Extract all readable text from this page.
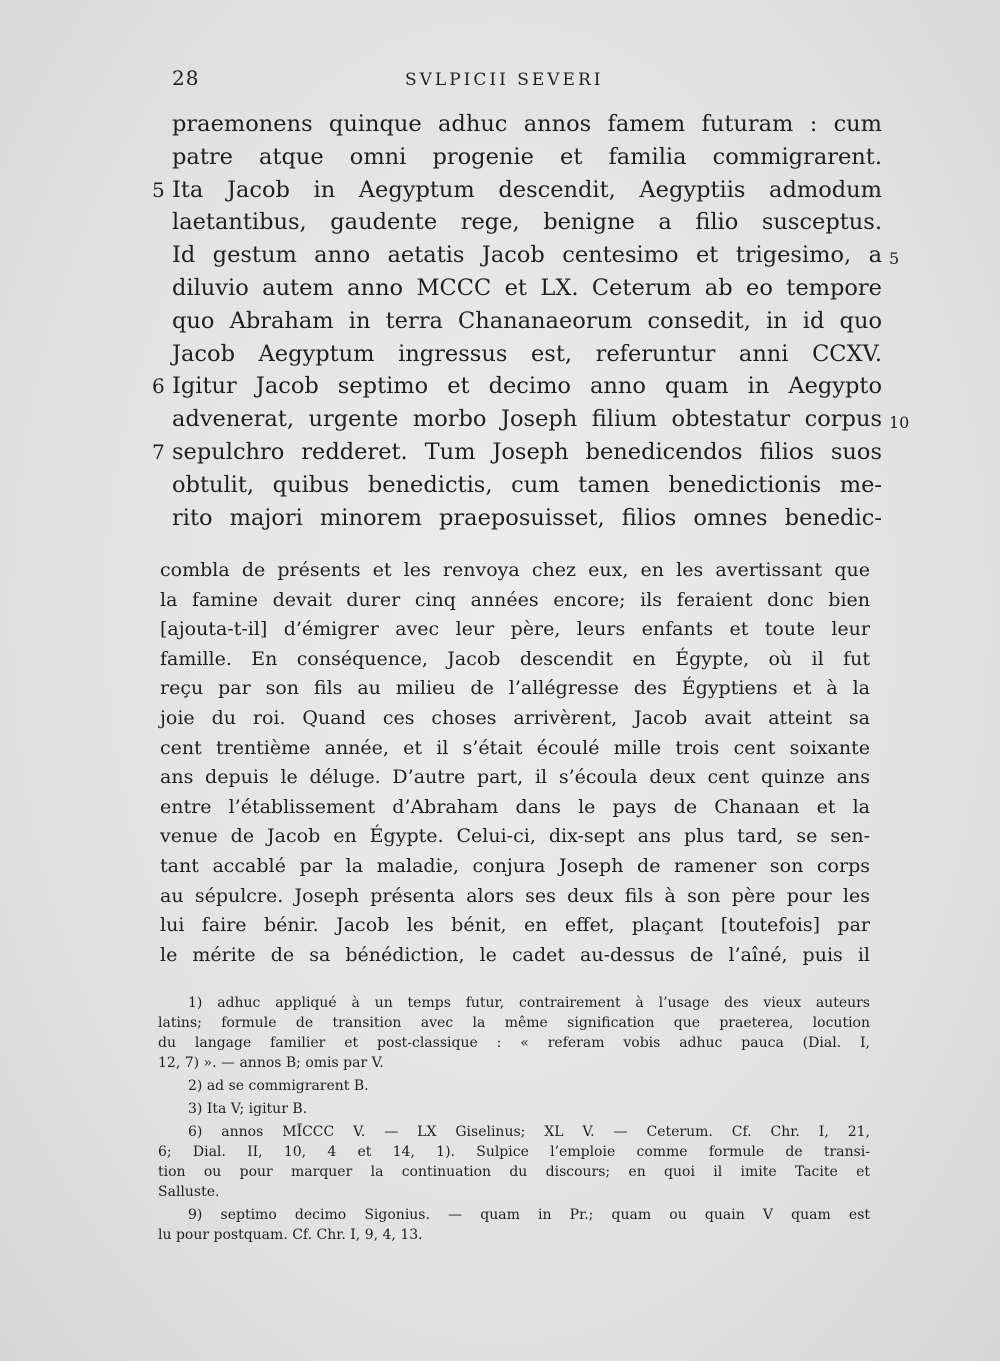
28	SVLPICII SEVERI
praemonens quinque adhuc annos famem futuram : cum
patre atque omni progenie et familia commigrarent.
Ita Jacob in Aegyptum descendit, Aegyptiis admodum
5
laetantibus, gaudente rege, benigne a filio susceptus.
Id gestum anno aetatis Jacob centesimo et trigesimo, a 5
diluvio autem anno MCCC et LX. Ceterum ab eo tempore
quo Abraham in terra Chananaeorum consedit, in id quo
Jacob Aegyptum ingressus est, referuntur anni CCXV.
Igitur Jacob septimo et decimo anno quam in Aegypto
6
advenerat, urgente morbo Joseph filium obtestatur corpus 10
sepulchro redderet. Tum Joseph benedicendos filios suos
7
obtulit, quibus benedictis, cum tamen benedictionis me-
rito majori minorem praeposuisset, filios omnes benedic-
combla de présents et les renvoya chez eux, en les avertissant que
la famine devait durer cinq années encore; ils feraient donc bien
[ajouta-t-il] d’émigrer avec leur père, leurs enfants et toute leur
famille. En conséquence, Jacob descendit en Égypte, où il fut
reçu par son fils au milieu de l’allégresse des Égyptiens et à la
joie du roi. Quand ces choses arrivèrent, Jacob avait atteint sa
cent trentième année, et il s’était écoulé mille trois cent soixante
ans depuis le déluge. D’autre part, il s’écoula deux cent quinze ans
entre l’établissement d’Abraham dans le pays de Chanaan et la
venue de Jacob en Égypte. Celui-ci, dix-sept ans plus tard, se sen-
tant accablé par la maladie, conjura Joseph de ramener son corps
au sépulcre. Joseph présenta alors ses deux fils à son père pour les
lui faire bénir. Jacob les bénit, en effet, plaçant [toutefois] par
le mérite de sa bénédiction, le cadet au-dessus de l’aîné, puis il
1) adhuc appliqué à un temps futur, contrairement à l’usage des vieux auteurs
latins; formule de transition avec la même signification que praeterea, locution
du langage familier et post-classique : « referam vobis adhuc pauca (Dial. I,
12, 7) ». — annos B; omis par V.
2) ad se commigrarent B.
3) Ita V; igitur B.
6) annos MĪCCC V. — LX Giselinus; XL V. — Ceterum. Cf. Chr. I, 21,
6; Dial. II, 10, 4 et 14, 1). Sulpice l’emploie comme formule de transi-
tion ou pour marquer la continuation du discours; en quoi il imite Tacite et
Salluste.
9) septimo decimo Sigonius. — quam in Pr.; quam ou quain V quam est
lu pour postquam. Cf. Chr. I, 9, 4, 13.
